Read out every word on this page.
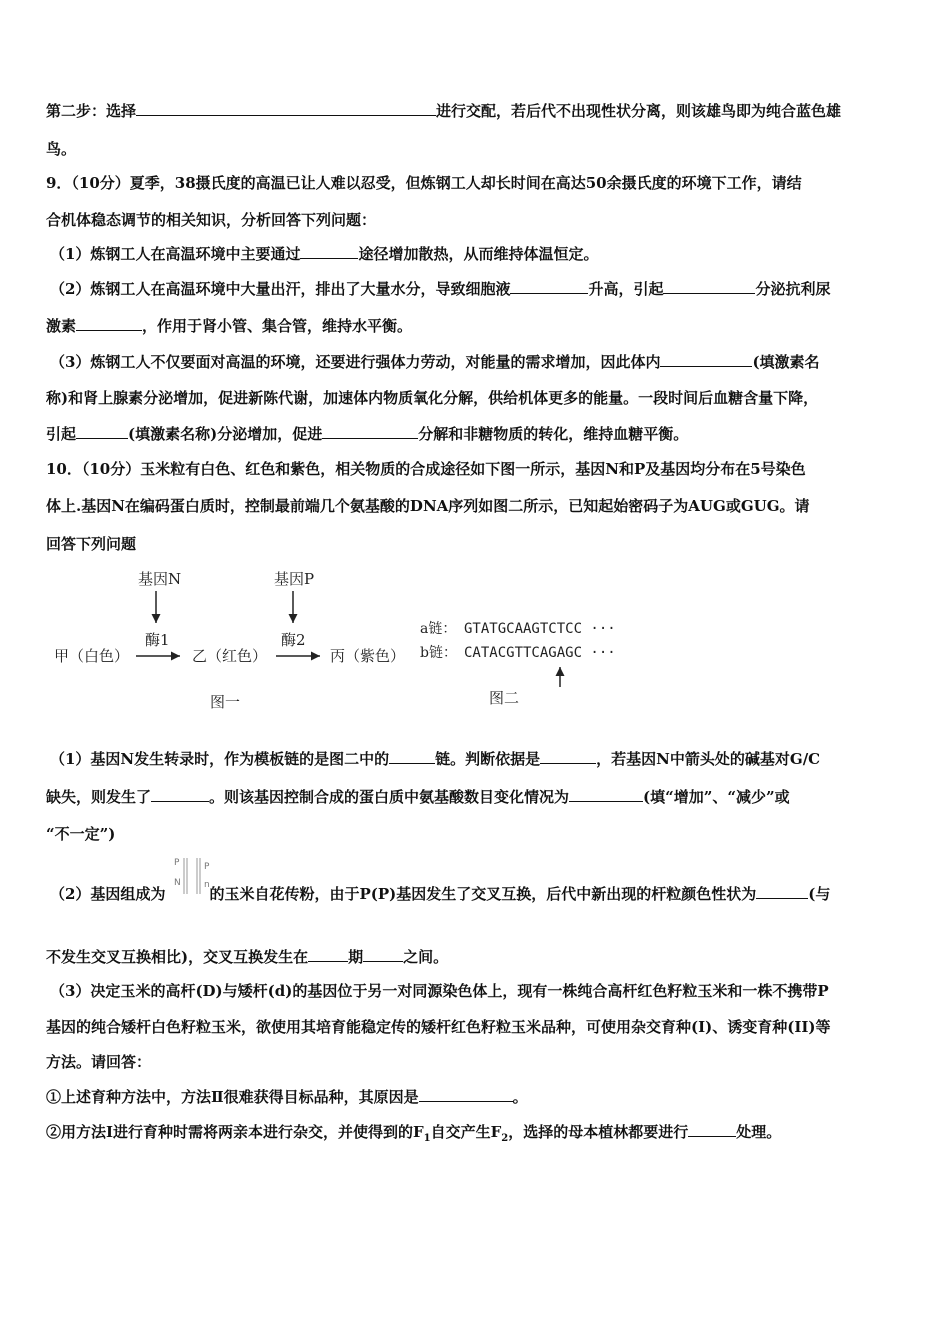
第二步：选择	进行交配，若后代不出现性状分离，则该雄鸟即为纯合蓝色雄
鸟。
9．（10分）夏季，38摄氏度的高温已让人难以忍受，但炼钢工人却长时间在高达50余摄氏度的环境下工作，请结
合机体稳态调节的相关知识，分析回答下列问题：
（1）炼钢工人在高温环境中主要通过	途径增加散热，从而维持体温恒定。
（2）炼钢工人在高温环境中大量出汗，排出了大量水分，导致细胞液	升高，引起	分泌抗利尿
激素	，作用于肾小管、集合管，维持水平衡。
（3）炼钢工人不仅要面对高温的环境，还要进行强体力劳动，对能量的需求增加，因此体内	(填激素名
称)和肾上腺素分泌增加，促进新陈代谢，加速体内物质氧化分解，供给机体更多的能量。一段时间后血糖含量下降，
引起	(填激素名称)分泌增加，促进	分解和非糖物质的转化，维持血糖平衡。
10．（10分）玉米粒有白色、红色和紫色，相关物质的合成途径如下图一所示，基因N和P及基因均分布在5号染色
体上.基因N在编码蛋白质时，控制最前端几个氨基酸的DNA序列如图二所示，已知起始密码子为AUG或GUG。请
回答下列问题
基因N	基因P
酶1	酶2
甲（白色）	乙（红色）	丙（紫色）
图一
a链： GTATGCAAGTCTCC ···
b链： CATACGTTCAGAGC ···
图二
（1）基因N发生转录时，作为模板链的是图二中的	链。判断依据是	，若基因N中箭头处的碱基对G/C
缺失，则发生了	。则该基因控制合成的蛋白质中氨基酸数目变化情况为	(填“增加”、“减少”或
“不一定”)
P
N
P
n
（2）基因组成为	的玉米自花传粉，由于P(P)基因发生了交叉互换，后代中新出现的杆粒颜色性状为	(与
不发生交叉互换相比)，交叉互换发生在	期	之间。
（3）决定玉米的高杆(D)与矮杆(d)的基因位于另一对同源染色体上，现有一株纯合高杆红色籽粒玉米和一株不携带P
基因的纯合矮杆白色籽粒玉米，欲使用其培育能稳定传的矮杆红色籽粒玉米品种，可使用杂交育种(I)、诱变育种(II)等
方法。请回答：
①上述育种方法中，方法Ⅱ很难获得目标品种，其原因是	。
②用方法I进行育种时需将两亲本进行杂交，并使得到的$F_1$自交产生$F_2$，选择的母本植林都要进行	处理。
